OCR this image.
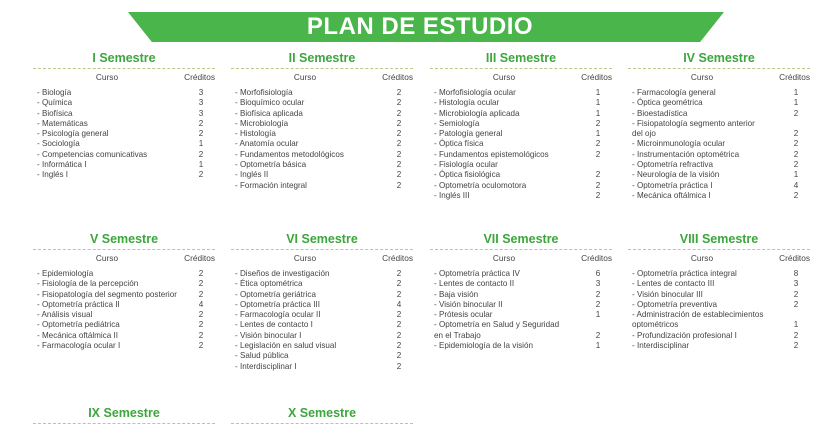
PLAN DE ESTUDIO
I Semestre
Curso	Créditos
- Biología	3
- Química	3
- Biofísica	3
- Matemáticas	2
- Psicología general	2
- Sociología	1
- Competencias comunicativas	2
- Informática I	1
- Inglés I	2
II Semestre
Curso	Créditos
- Morfofisiología	2
- Bioquímico ocular	2
- Biofísica aplicada	2
- Microbiología	2
- Histología	2
- Anatomía ocular	2
- Fundamentos metodológicos	2
- Optometría básica	2
- Inglés II	2
- Formación integral	2
III Semestre
Curso	Créditos
- Morfofisiología ocular	1
- Histología ocular	1
- Microbiología aplicada	1
- Semiología	2
- Patología general	1
- Óptica física	2
- Fundamentos epistemológicos	2
- Fisiología ocular
- Óptica fisiológica	2
- Optometría oculomotora	2
- Inglés III	2
IV Semestre
Curso	Créditos
- Farmacología general	1
- Óptica geométrica	1
- Bioestadística	2
- Fisiopatología segmento anterior
del ojo	2
- Microinmunología ocular	2
- Instrumentación optométrica	2
- Optometría refractiva	2
- Neurología de la visión	1
- Optometría práctica I	4
- Mecánica oftálmica I	2
V Semestre
Curso	Créditos
- Epidemiología	2
- Fisiología de la percepción	2
- Fisiopatología del segmento posterior	2
- Optometría práctica II	4
- Análisis visual	2
- Optometría pediátrica	2
- Mecánica oftálmica II	2
- Farmacología ocular I	2
VI Semestre
Curso	Créditos
- Diseños de investigación	2
- Ética optométrica	2
- Optometría geriátrica	2
- Optometría práctica III	4
- Farmacología ocular II	2
- Lentes de contacto I	2
- Visión binocular I	2
- Legislación en salud visual	2
- Salud pública	2
- Interdisciplinar I	2
VII Semestre
Curso	Créditos
- Optometría práctica IV	6
- Lentes de contacto II	3
- Baja visión	2
- Visión binocular II	2
- Prótesis ocular	1
- Optometría en Salud y Seguridad
en el Trabajo	2
- Epidemiología de la visión	1
VIII Semestre
Curso	Créditos
- Optometría práctica integral	8
- Lentes de contacto III	3
- Visión binocular III	2
- Optometría preventiva	2
- Administración de establecimientos
optométricos	1
- Profundización profesional I	2
- Interdisciplinar	2
IX Semestre	X Semestre
